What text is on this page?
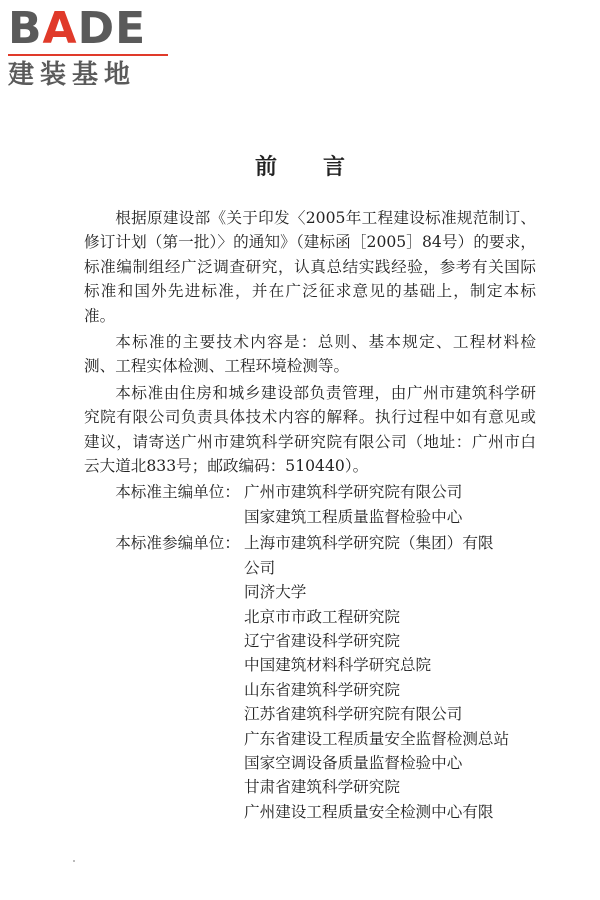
BADE
建装基地
前言

根据原建设部《关于印发〈2005年工程建设标准规范制订、修订计划（第一批）〉的通知》（建标函［2005］84号）的要求，标准编制组经广泛调查研究，认真总结实践经验，参考有关国际标准和国外先进标准，并在广泛征求意见的基础上，制定本标准。

本标准的主要技术内容是：总则、基本规定、工程材料检测、工程实体检测、工程环境检测等。

本标准由住房和城乡建设部负责管理，由广州市建筑科学研究院有限公司负责具体技术内容的解释。执行过程中如有意见或建议，请寄送广州市建筑科学研究院有限公司（地址：广州市白云大道北833号；邮政编码：510440）。

本标准主编单位： 广州市建筑科学研究院有限公司
国家建筑工程质量监督检验中心
本标准参编单位： 上海市建筑科学研究院（集团）有限
公司
同济大学
北京市市政工程研究院
辽宁省建设科学研究院
中国建筑材料科学研究总院
山东省建筑科学研究院
江苏省建筑科学研究院有限公司
广东省建设工程质量安全监督检测总站
国家空调设备质量监督检验中心
甘肃省建筑科学研究院
广州建设工程质量安全检测中心有限
